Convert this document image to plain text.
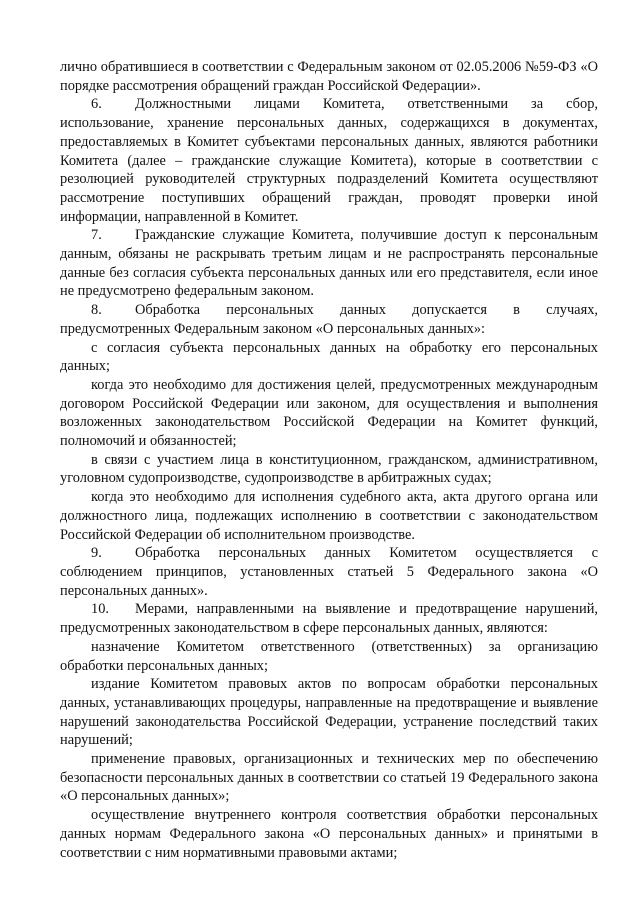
лично обратившиеся в соответствии с Федеральным законом от 02.05.2006 №59-ФЗ «О порядке рассмотрения обращений граждан Российской Федерации».

6. Должностными лицами Комитета, ответственными за сбор, использование, хранение персональных данных, содержащихся в документах, предоставляемых в Комитет субъектами персональных данных, являются работники Комитета (далее – гражданские служащие Комитета), которые в соответствии с резолюцией руководителей структурных подразделений Комитета осуществляют рассмотрение поступивших обращений граждан, проводят проверки иной информации, направленной в Комитет.

7. Гражданские служащие Комитета, получившие доступ к персональным данным, обязаны не раскрывать третьим лицам и не распространять персональные данные без согласия субъекта персональных данных или его представителя, если иное не предусмотрено федеральным законом.

8. Обработка персональных данных допускается в случаях, предусмотренных Федеральным законом «О персональных данных»:

с согласия субъекта персональных данных на обработку его персональных данных;

когда это необходимо для достижения целей, предусмотренных международным договором Российской Федерации или законом, для осуществления и выполнения возложенных законодательством Российской Федерации на Комитет функций, полномочий и обязанностей;

в связи с участием лица в конституционном, гражданском, административном, уголовном судопроизводстве, судопроизводстве в арбитражных судах;

когда это необходимо для исполнения судебного акта, акта другого органа или должностного лица, подлежащих исполнению в соответствии с законодательством Российской Федерации об исполнительном производстве.

9. Обработка персональных данных Комитетом осуществляется с соблюдением принципов, установленных статьей 5 Федерального закона «О персональных данных».

10. Мерами, направленными на выявление и предотвращение нарушений, предусмотренных законодательством в сфере персональных данных, являются:

назначение Комитетом ответственного (ответственных) за организацию обработки персональных данных;

издание Комитетом правовых актов по вопросам обработки персональных данных, устанавливающих процедуры, направленные на предотвращение и выявление нарушений законодательства Российской Федерации, устранение последствий таких нарушений;

применение правовых, организационных и технических мер по обеспечению безопасности персональных данных в соответствии со статьей 19 Федерального закона «О персональных данных»;

осуществление внутреннего контроля соответствия обработки персональных данных нормам Федерального закона «О персональных данных» и принятыми в соответствии с ним нормативными правовыми актами;
